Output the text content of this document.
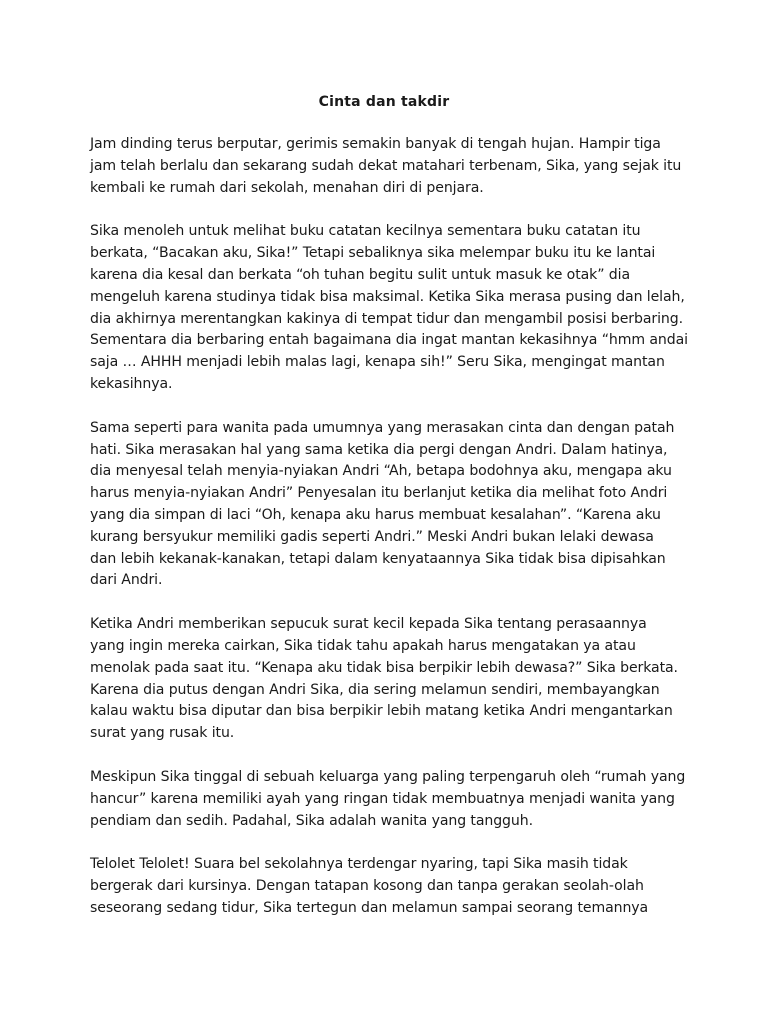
Cinta dan takdir

Jam dinding terus berputar, gerimis semakin banyak di tengah hujan. Hampir tiga
jam telah berlalu dan sekarang sudah dekat matahari terbenam, Sika, yang sejak itu
kembali ke rumah dari sekolah, menahan diri di penjara.

Sika menoleh untuk melihat buku catatan kecilnya sementara buku catatan itu
berkata, “Bacakan aku, Sika!” Tetapi sebaliknya sika melempar buku itu ke lantai
karena dia kesal dan berkata “oh tuhan begitu sulit untuk masuk ke otak” dia
mengeluh karena studinya tidak bisa maksimal. Ketika Sika merasa pusing dan lelah,
dia akhirnya merentangkan kakinya di tempat tidur dan mengambil posisi berbaring.
Sementara dia berbaring entah bagaimana dia ingat mantan kekasihnya “hmm andai
saja … AHHH menjadi lebih malas lagi, kenapa sih!” Seru Sika, mengingat mantan
kekasihnya.

Sama seperti para wanita pada umumnya yang merasakan cinta dan dengan patah
hati. Sika merasakan hal yang sama ketika dia pergi dengan Andri. Dalam hatinya,
dia menyesal telah menyia-nyiakan Andri “Ah, betapa bodohnya aku, mengapa aku
harus menyia-nyiakan Andri” Penyesalan itu berlanjut ketika dia melihat foto Andri
yang dia simpan di laci “Oh, kenapa aku harus membuat kesalahan”. “Karena aku
kurang bersyukur memiliki gadis seperti Andri.” Meski Andri bukan lelaki dewasa
dan lebih kekanak-kanakan, tetapi dalam kenyataannya Sika tidak bisa dipisahkan
dari Andri.

Ketika Andri memberikan sepucuk surat kecil kepada Sika tentang perasaannya
yang ingin mereka cairkan, Sika tidak tahu apakah harus mengatakan ya atau
menolak pada saat itu. “Kenapa aku tidak bisa berpikir lebih dewasa?” Sika berkata.
Karena dia putus dengan Andri Sika, dia sering melamun sendiri, membayangkan
kalau waktu bisa diputar dan bisa berpikir lebih matang ketika Andri mengantarkan
surat yang rusak itu.

Meskipun Sika tinggal di sebuah keluarga yang paling terpengaruh oleh “rumah yang
hancur” karena memiliki ayah yang ringan tidak membuatnya menjadi wanita yang
pendiam dan sedih. Padahal, Sika adalah wanita yang tangguh.

Telolet Telolet! Suara bel sekolahnya terdengar nyaring, tapi Sika masih tidak
bergerak dari kursinya. Dengan tatapan kosong dan tanpa gerakan seolah-olah
seseorang sedang tidur, Sika tertegun dan melamun sampai seorang temannya
